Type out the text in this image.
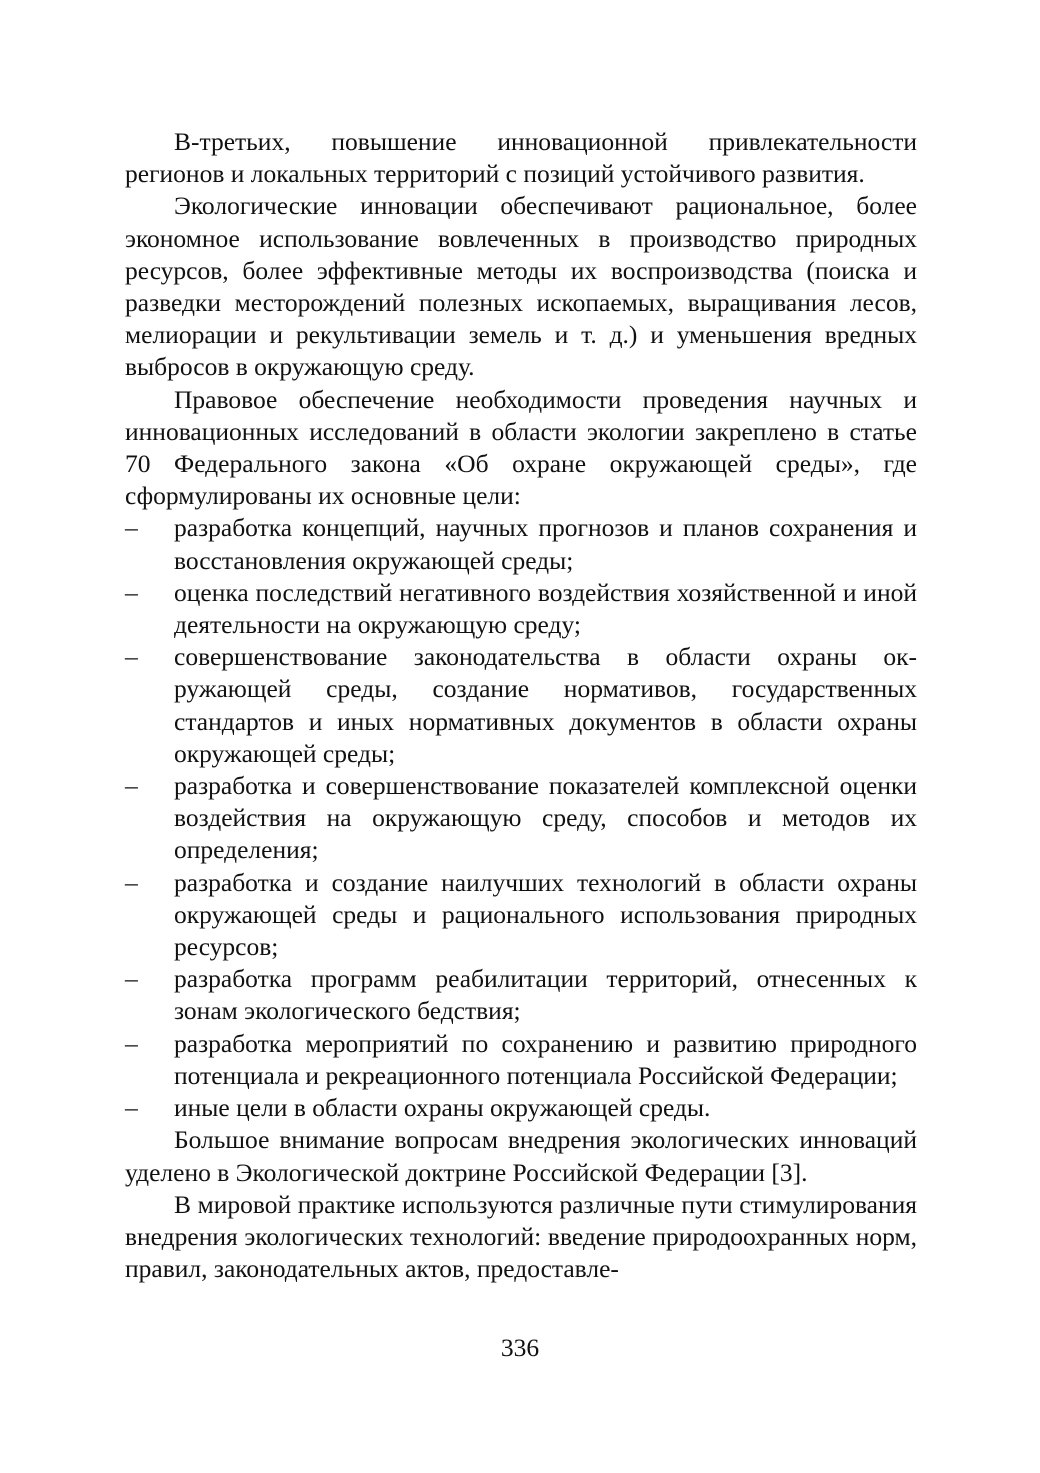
В-третьих, повышение инновационной привлекательности регионов и локальных территорий с позиций устойчивого развития.

Экологические инновации обеспечивают рациональное, более экономное использование вовлеченных в производство природных ресурсов, более эффективные методы их воспроизводства (поиска и разведки месторождений полезных ископаемых, выращивания лесов, мелиорации и рекультивации земель и т. д.) и уменьшения вредных выбросов в окружающую среду.

Правовое обеспечение необходимости проведения научных и инновационных исследований в области экологии закреплено в статье 70 Федерального закона «Об охране окружающей среды», где сформулированы их основные цели:

– разработка концепций, научных прогнозов и планов сохранения и восстановления окружающей среды;
– оценка последствий негативного воздействия хозяйственной и иной деятельности на окружающую среду;
– совершенствование законодательства в области охраны окружающей среды, создание нормативов, государственных стандартов и иных нормативных документов в области охраны окружающей среды;
– разработка и совершенствование показателей комплексной оценки воздействия на окружающую среду, способов и методов их определения;
– разработка и создание наилучших технологий в области охраны окружающей среды и рационального использования природных ресурсов;
– разработка программ реабилитации территорий, отнесенных к зонам экологического бедствия;
– разработка мероприятий по сохранению и развитию природного потенциала и рекреационного потенциала Российской Федерации;
– иные цели в области охраны окружающей среды.

Большое внимание вопросам внедрения экологических инноваций уделено в Экологической доктрине Российской Федерации [3].

В мировой практике используются различные пути стимулирования внедрения экологических технологий: введение природоохранных норм, правил, законодательных актов, предоставле-

336
